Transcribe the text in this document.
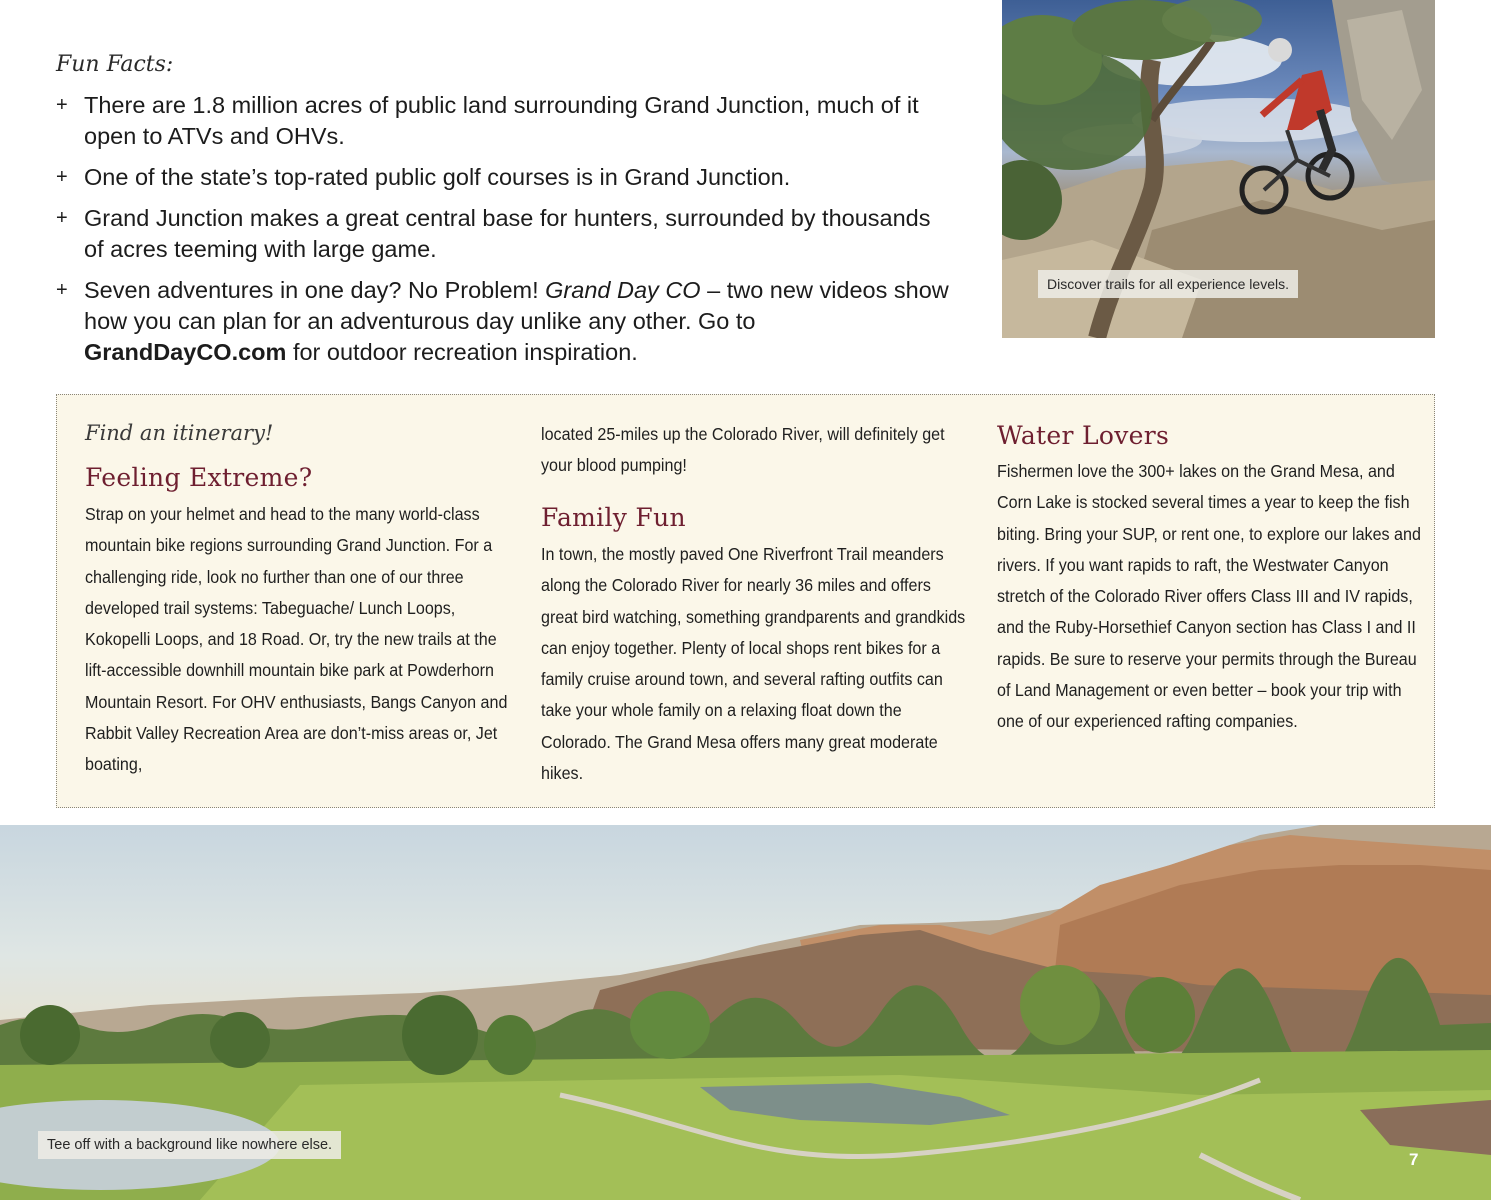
Fun Facts:
+ There are 1.8 million acres of public land surrounding Grand Junction, much of it open to ATVs and OHVs.
+ One of the state’s top-rated public golf courses is in Grand Junction.
+ Grand Junction makes a great central base for hunters, surrounded by thousands of acres teeming with large game.
+ Seven adventures in one day? No Problem! Grand Day CO – two new videos show how you can plan for an adventurous day unlike any other. Go to GrandDayCO.com for outdoor recreation inspiration.
Discover trails for all experience levels.
Find an itinerary!
Feeling Extreme?

Strap on your helmet and head to the many world-class mountain bike regions surrounding Grand Junction. For a challenging ride, look no further than one of our three developed trail systems: Tabeguache/ Lunch Loops, Kokopelli Loops, and 18 Road. Or, try the new trails at the lift-accessible downhill mountain bike park at Powderhorn Mountain Resort. For OHV enthusiasts, Bangs Canyon and Rabbit Valley Recreation Area are don’t-miss areas or, Jet boating,

located 25-miles up the Colorado River, will definitely get your blood pumping!

Family Fun

In town, the mostly paved One Riverfront Trail meanders along the Colorado River for nearly 36 miles and offers great bird watching, something grandparents and grandkids can enjoy together. Plenty of local shops rent bikes for a family cruise around town, and several rafting outfits can take your whole family on a relaxing float down the Colorado. The Grand Mesa offers many great moderate hikes.

Water Lovers

Fishermen love the 300+ lakes on the Grand Mesa, and Corn Lake is stocked several times a year to keep the fish biting. Bring your SUP, or rent one, to explore our lakes and rivers. If you want rapids to raft, the Westwater Canyon stretch of the Colorado River offers Class III and IV rapids, and the Ruby-Horsethief Canyon section has Class I and II rapids. Be sure to reserve your permits through the Bureau of Land Management or even better – book your trip with one of our experienced rafting companies.

Tee off with a background like nowhere else.
7
